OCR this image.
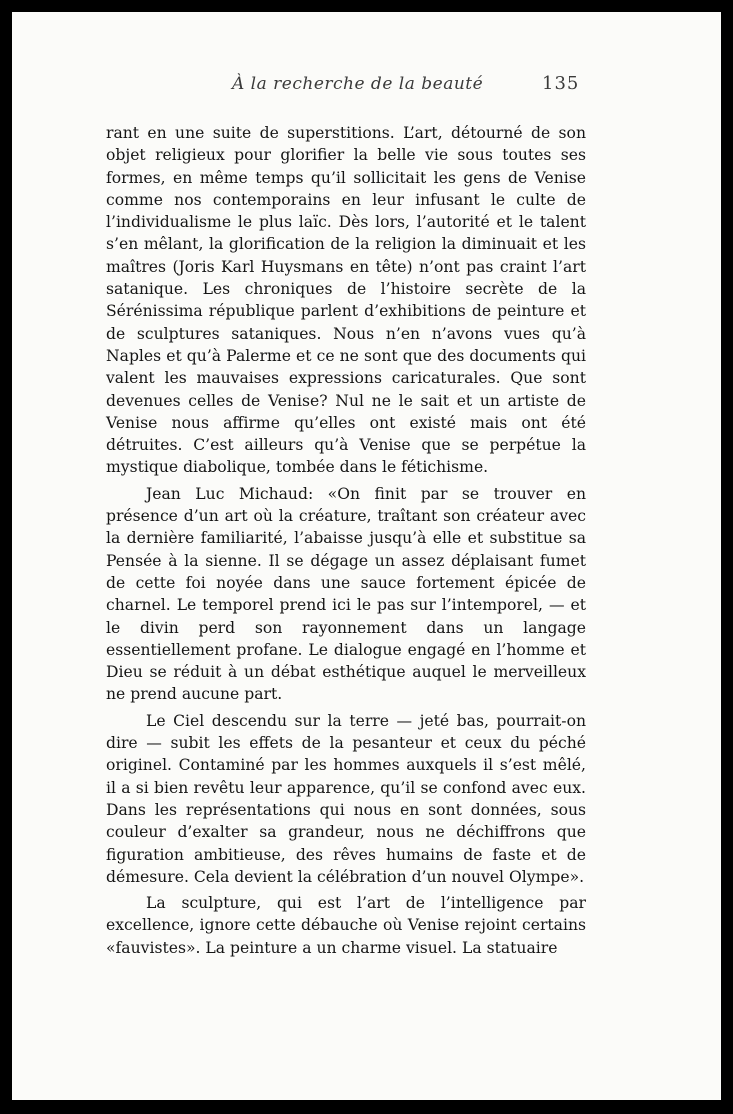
À la recherche de la beauté	135

rant en une suite de superstitions. L’art, détourné de son objet religieux pour glorifier la belle vie sous toutes ses formes, en même temps qu’il sollicitait les gens de Venise comme nos contemporains en leur infusant le culte de l’individualisme le plus laïc. Dès lors, l’autorité et le talent s’en mêlant, la glorification de la religion la diminuait et les maîtres (Joris Karl Huysmans en tête) n’ont pas craint l’art satanique. Les chroniques de l’histoire secrète de la Sérénissima république parlent d’exhibitions de peinture et de sculptures sataniques. Nous n’en n’avons vues qu’à Naples et qu’à Palerme et ce ne sont que des documents qui valent les mauvaises expressions caricaturales. Que sont devenues celles de Venise? Nul ne le sait et un artiste de Venise nous affirme qu’elles ont existé mais ont été détruites. C’est ailleurs qu’à Venise que se perpétue la mystique diabolique, tombée dans le fétichisme.

Jean Luc Michaud: «On finit par se trouver en présence d’un art où la créature, traîtant son créateur avec la dernière familiarité, l’abaisse jusqu’à elle et substitue sa Pensée à la sienne. Il se dégage un assez déplaisant fumet de cette foi noyée dans une sauce fortement épicée de charnel. Le temporel prend ici le pas sur l’intemporel, — et le divin perd son rayonnement dans un langage essentiellement profane. Le dialogue engagé en l’homme et Dieu se réduit à un débat esthétique auquel le merveilleux ne prend aucune part.

Le Ciel descendu sur la terre — jeté bas, pourrait-on dire — subit les effets de la pesanteur et ceux du péché originel. Contaminé par les hommes auxquels il s’est mêlé, il a si bien revêtu leur apparence, qu’il se confond avec eux. Dans les représentations qui nous en sont données, sous couleur d’exalter sa grandeur, nous ne déchiffrons que figuration ambitieuse, des rêves humains de faste et de démesure. Cela devient la célébration d’un nouvel Olympe».

La sculpture, qui est l’art de l’intelligence par excellence, ignore cette débauche où Venise rejoint certains «fauvistes». La peinture a un charme visuel. La statuaire
